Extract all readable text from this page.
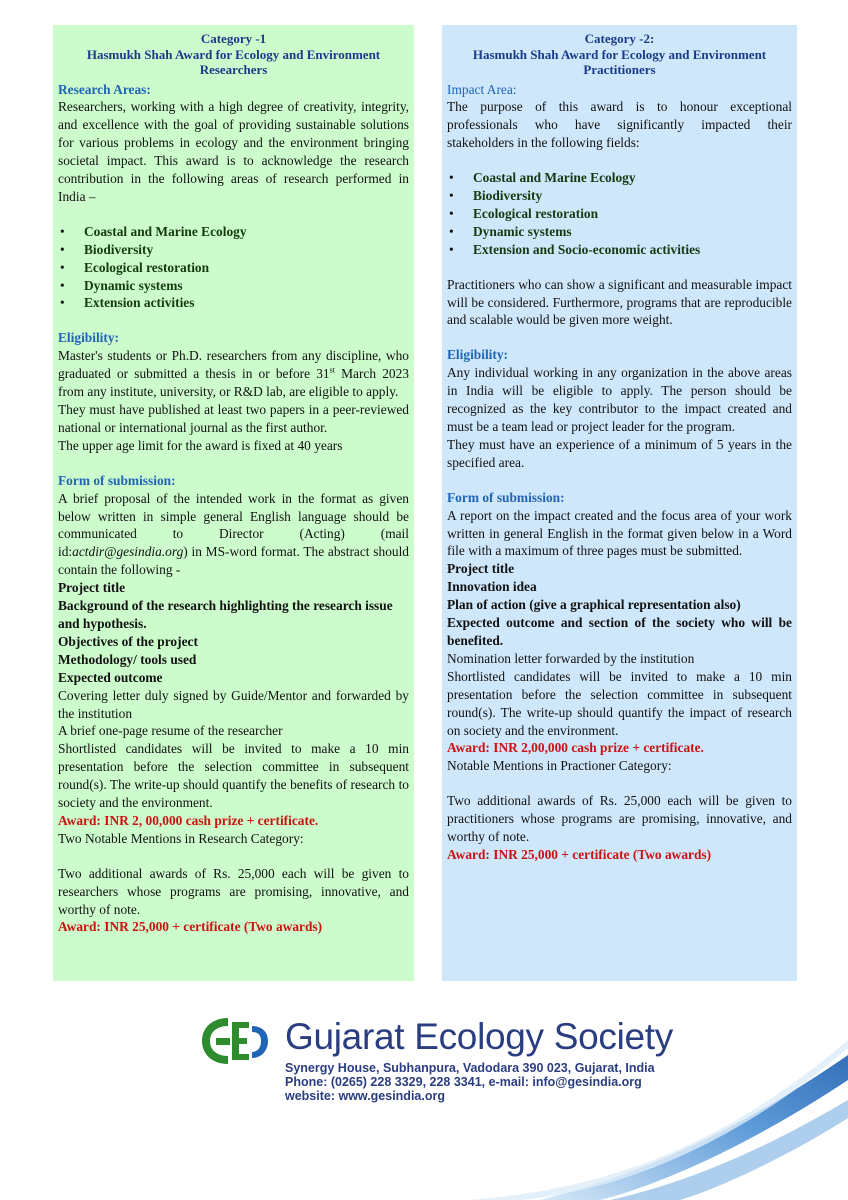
Category -1
Hasmukh Shah Award for Ecology and Environment
Researchers
Research Areas:
Researchers, working with a high degree of creativity, integrity, and excellence with the goal of providing sustainable solutions for various problems in ecology and the environment bringing societal impact. This award is to acknowledge the research contribution in the following areas of research performed in India –
• Coastal and Marine Ecology
• Biodiversity
• Ecological restoration
• Dynamic systems
• Extension activities
Eligibility:
Master's students or Ph.D. researchers from any discipline, who graduated or submitted a thesis in or before 31st March 2023 from any institute, university, or R&D lab, are eligible to apply.
They must have published at least two papers in a peer-reviewed national or international journal as the first author.
The upper age limit for the award is fixed at 40 years
Form of submission:
A brief proposal of the intended work in the format as given below written in simple general English language should be communicated to Director (Acting) (mail id:actdir@gesindia.org) in MS-word format. The abstract should contain the following -
Project title
Background of the research highlighting the research issue and hypothesis.
Objectives of the project
Methodology/ tools used
Expected outcome
Covering letter duly signed by Guide/Mentor and forwarded by the institution
A brief one-page resume of the researcher
Shortlisted candidates will be invited to make a 10 min presentation before the selection committee in subsequent round(s). The write-up should quantify the benefits of research to society and the environment.
Award: INR 2, 00,000 cash prize + certificate.
Two Notable Mentions in Research Category:
Two additional awards of Rs. 25,000 each will be given to researchers whose programs are promising, innovative, and worthy of note.
Award: INR 25,000 + certificate (Two awards)
Category -2:
Hasmukh Shah Award for Ecology and Environment
Practitioners
Impact Area:
The purpose of this award is to honour exceptional professionals who have significantly impacted their stakeholders in the following fields:
• Coastal and Marine Ecology
• Biodiversity
• Ecological restoration
• Dynamic systems
• Extension and Socio-economic activities
Practitioners who can show a significant and measurable impact will be considered. Furthermore, programs that are reproducible and scalable would be given more weight.
Eligibility:
Any individual working in any organization in the above areas in India will be eligible to apply. The person should be recognized as the key contributor to the impact created and must be a team lead or project leader for the program.
They must have an experience of a minimum of 5 years in the specified area.
Form of submission:
A report on the impact created and the focus area of your work written in general English in the format given below in a Word file with a maximum of three pages must be submitted.
Project title
Innovation idea
Plan of action (give a graphical representation also)
Expected outcome and section of the society who will be benefited.
Nomination letter forwarded by the institution
Shortlisted candidates will be invited to make a 10 min presentation before the selection committee in subsequent round(s). The write-up should quantify the impact of research on society and the environment.
Award: INR 2,00,000 cash prize + certificate.
Notable Mentions in Practioner Category:
Two additional awards of Rs. 25,000 each will be given to practitioners whose programs are promising, innovative, and worthy of note.
Award: INR 25,000 + certificate (Two awards)
Gujarat Ecology Society
Synergy House, Subhanpura, Vadodara 390 023, Gujarat, India
Phone: (0265) 228 3329, 228 3341, e-mail: info@gesindia.org
website: www.gesindia.org
